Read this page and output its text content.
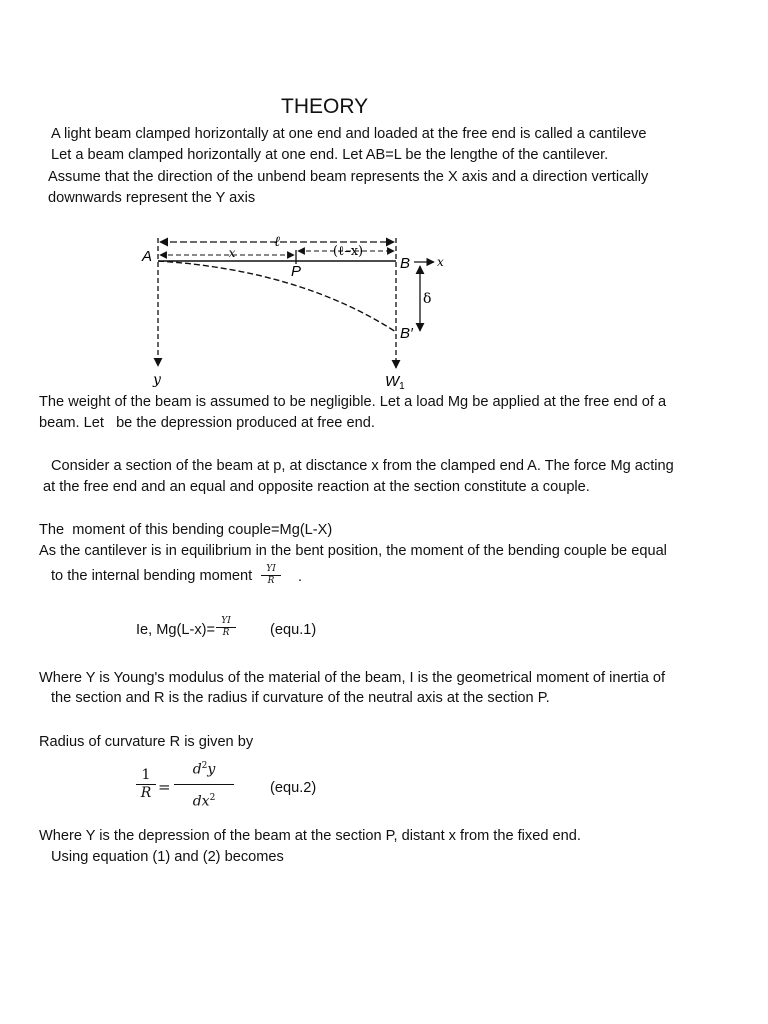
THEORY

A light beam clamped horizontally at one end and loaded at the free end is called a cantileve

Let a beam clamped horizontally at one end. Let AB=L be the lengthe of the cantilever.

Assume that the direction of the unbend beam represents the X axis and a direction vertically

downwards represent the Y axis

ℓ
x	(ℓ–x)
x
δ
A	B
P
B′
y	$W_1$

The weight of the beam is assumed to be negligible. Let a load Mg be applied at the free end of a

beam. Let   be the depression produced at free end.

Consider a section of the beam at p, at disctance x from the clamped end A. The force Mg acting

at the free end and an equal and opposite reaction at the section constitute a couple.

The  moment of this bending couple=Mg(L-X)

As the cantilever is in equilibrium in the bent position, the moment of the bending couple be equal

to the internal bending moment	YI
R	.

Ie, Mg(L-x)=

YI
R	(equ.1)

Where Y is Young's modulus of the material of the beam, I is the geometrical moment of inertia of

the section and R is the radius if curvature of the neutral axis at the section P.

Radius of curvature R is given by

1
R =
$d^2y$
$dx^2$

(equ.2)

Where Y is the depression of the beam at the section P, distant x from the fixed end.

Using equation (1) and (2) becomes
